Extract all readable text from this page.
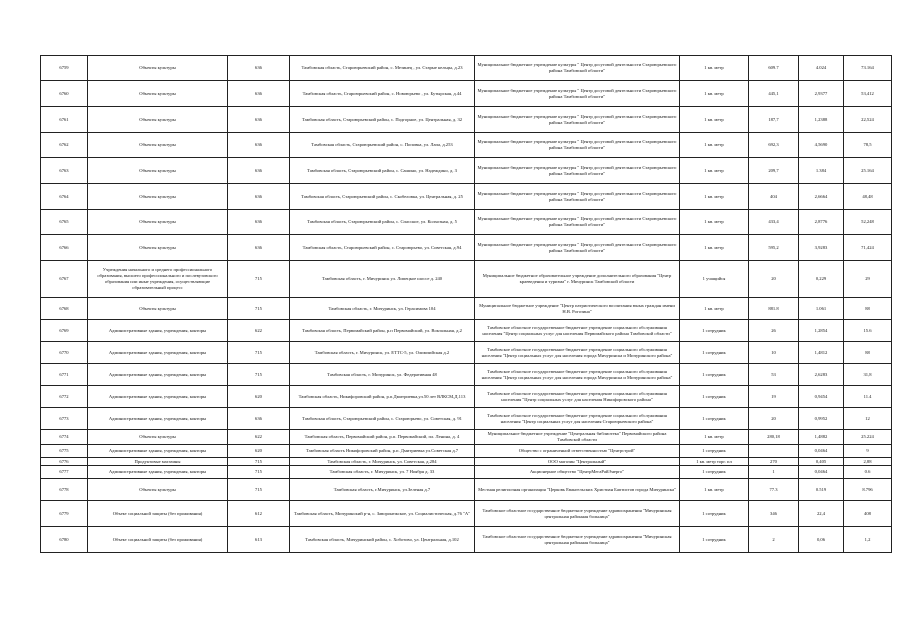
6759	Объекты культуры	636	Тамбовская область, Староюрьевский район, с. Мезинец , ул. Старые кельцы, д.23	Муниципальное бюджетное учреждение культуры " Центр досуговой деятельности Староюрьевского района Тамбовской области"	1 кв. метр	609.7	4.024	73.164
6760	Объекты культуры	636	Тамбовская область, Староюрьевский район, с. Новоюрьево , ул. Бутырская, д.44	Муниципальное бюджетное учреждение культуры " Центр досуговой деятельности Староюрьевского района Тамбовской области"	1 кв. метр	445,1	2,9377	53,412
6761	Объекты культуры	636	Тамбовская область, Староюрьевский район, с. Подгорное, ул. Центральная, д. 32	Муниципальное бюджетное учреждение культуры " Центр досуговой деятельности Староюрьевского района Тамбовской области"	1 кв. метр	187,7	1,2388	22,524
6762	Объекты культуры	636	Тамбовская область, Староюрьевский район, с. Поповка, ул. Лапа, д.253	Муниципальное бюджетное учреждение культуры " Центр досуговой деятельности Староюрьевского района Тамбовской области"	1 кв. метр	692,3	4,5690	78,5
6763	Объекты культуры	636	Тамбовская область, Староюрьевский район, с. Сашино, ул. Надеждино, д. 3	Муниципальное бюджетное учреждение культуры " Центр досуговой деятельности Староюрьевского района Тамбовской области"	1 кв. метр	209,7	1.384	25.164
6764	Объекты культуры	636	Тамбовская область, Староюрьевский район, с. Скобеловка, ул. Центральная, д. 25	Муниципальное бюджетное учреждение культуры " Центр досуговой деятельности Староюрьевского района Тамбовской области"	1 кв. метр	404	2,6664	48,48
6765	Объекты культуры	636	Тамбовская область, Староюрьевский район, с. Спасское, ул. Колхозная, д. 5	Муниципальное бюджетное учреждение культуры " Центр досуговой деятельности Староюрьевского района Тамбовской области"	1 кв. метр	433,4	2,8776	52,248
6766	Объекты культуры	636	Тамбовская область, Староюрьевский район, с. Староюрьево, ул. Советская, д.94	Муниципальное бюджетное учреждение культуры " Центр досуговой деятельности Староюрьевского района Тамбовской области"	1 кв. метр	595,2	3,9283	71,424
6767	Учреждения начального и среднего профессионального образования, высшего профессионального и послевузовского образования или иные учреждения, осуществляющие образовательный процесс	715	Тамбовская область, г. Мичуринск ул. Липецкое шоссе д. 240	Муниципальное бюджетное образовательное учреждение дополнительного образования "Центр краеведения и туризма" г. Мичуринск Тамбовской области	1 учащийся	20	0,229	29
6768	Объекты культуры	715	Тамбовская область, г. Мичуринск, ул. Герасимова 104	Муниципальное бюджетное учреждение "Центр патриотического воспитания юных граждан имени Н.В. Рогозина"	1 кв. метр	881.8	1.061	88
6769	Административные здания, учреждения, конторы	622	Тамбовская область, Первомайский район, р.п Первомайский, ул. Вокзальная, д.2	Тамбовское областное государственное бюджетное учреждение социального обслуживания населения "Центр социальных услуг для населения Первомайского района Тамбовской области"	1 сотрудник	26	1,2854	15.6
6770	Административные здания, учреждения, конторы	715	Тамбовская область, г. Мичуринск, ул. ЕТТС-5, ул. Олимпийская д.2	Тамбовское областное государственное бюджетное учреждение социального обслуживания населения "Центр социальных услуг для населения города Мичуринска и Мичуринского района"	1 сотрудник	10	1,4812	88
6771	Административные здания, учреждения, конторы	715	Тамбовская область, г. Мичуринск, ул. Федеративная 48	Тамбовское областное государственное бюджетное учреждение социального обслуживания населения "Центр социальных услуг для населения города Мичуринска и Мичуринского района"	1 сотрудник	53	2,6283	31,8
6772	Административные здания, учреждения, конторы	620	Тамбовская область, Никифоровский район, р.п.Дмитриевка,ул.50 лет ВЛКСМ,Д.113	Тамбовское областное государственное бюджетное учреждение социального обслуживания населения "Центр социальных услуг для населения Никифоровского района"	1 сотрудник	19	0,9454	11.4
6773	Административные здания, учреждения, конторы	636	Тамбовская область, Староюрьевский район, с. Староюрьево, ул. Советская, д. 91	Тамбовское областное государственное бюджетное учреждение социального обслуживания населения "Центр социальных услуг для населения Староюрьевского района"	1 сотрудник	20	0,9952	12
6774	Объекты культуры	622	Тамбовская область, Первомайский район, р.п. Первомайский, пл. Ленина, д. 4	Муниципальное бюджетное учреждение "Центральная библиотека" Первомайского района Тамбовской области	1 кв. метр	280,18	1,4882	25.224
6775	Административные здания, учреждения, конторы	620	Тамбовская область Никифоровский район, р.п. Дмитриевка ул.Советская д.7	Общество с ограниченной ответственностью "Центрстрой"	1 сотрудник		0,0464	9
6776	Продуктовые магазины	715	Тамбовская область, г. Мичуринск, ул. Советская, д.284	ООО магазин "Центральный"	1 кв. метр торг. пл	270	0,405	2,88
6777	Административные здания, учреждения, конторы	715	Тамбовская область, г. Мичуринск, ул. 7 Ноября д. 33	Акционерное общество "ЦентрМегаРайЭнерго"	1 сотрудник	1	0,0464	0.6
6778	Объекты культуры	715	Тамбовская область, г.Мичуринск, ул.Зеленая д.7	Местная религиозная организация "Церковь Евангельских Христиан Баптистов города Мичуринска"	1 кв. метр	77.3	0.519	8.796
6779	Объект социальной защиты (без проживания)	612	Тамбовская область, Мичуринский р-н, с. Заворонежское, ул. Социалистическая, д.76 "А"	Тамбовское областное государственное бюджетное учреждение здравоохранения "Мичуринская центральная районная больница"	1 сотрудник	346	22,4	408
6780	Объект социальной защиты (без проживания)	613	Тамбовская область, Мичуринский район, с. Хоботово, ул. Центральная, д.102	Тамбовское областное государственное бюджетное учреждение здравоохранения "Мичуринская центральная районная больница"	1 сотрудник	2	0,06	1,2
